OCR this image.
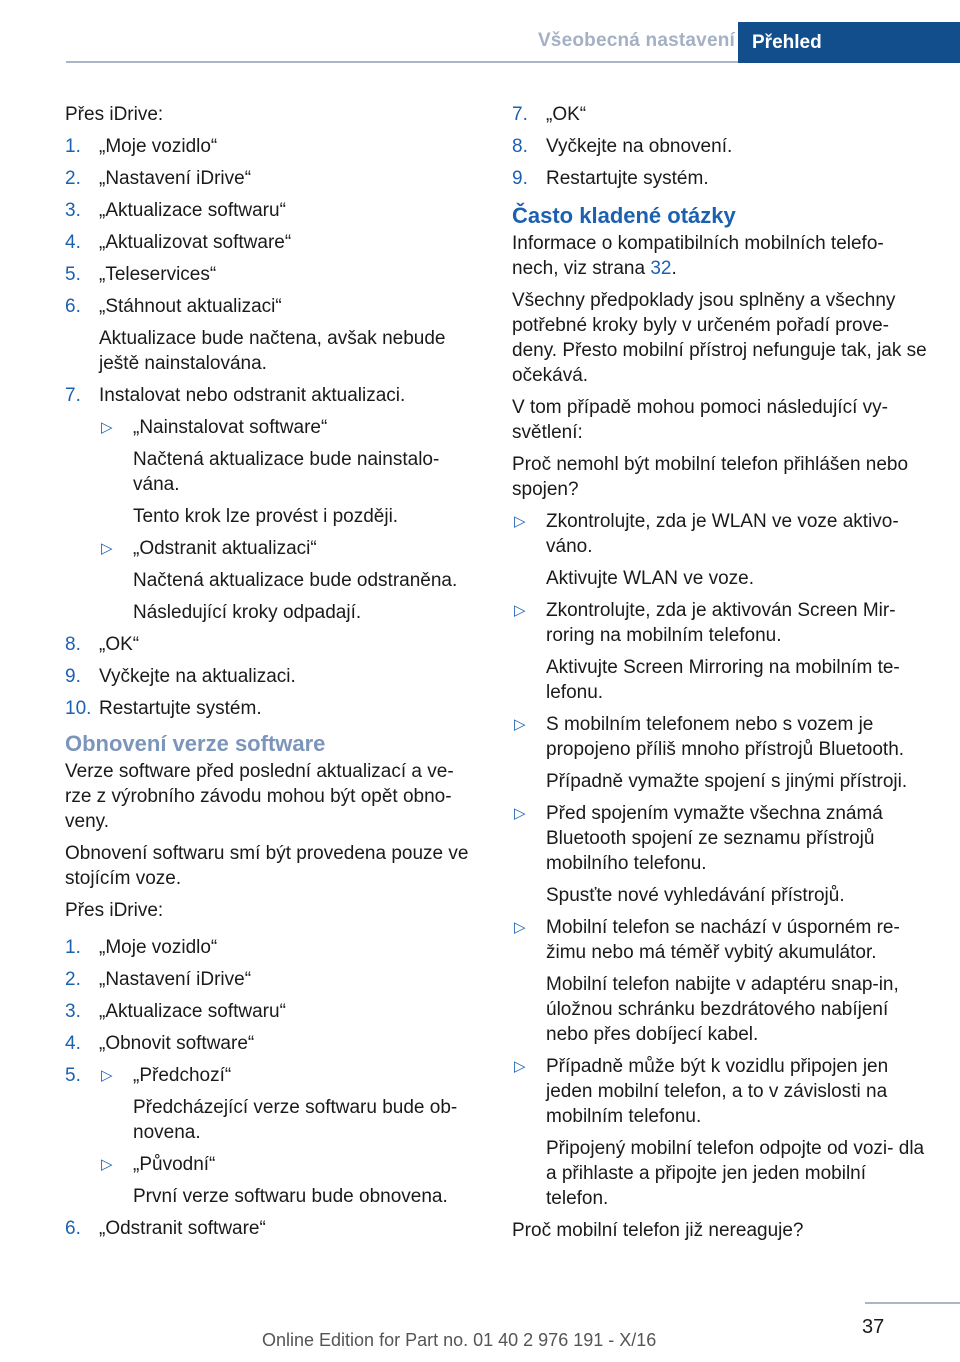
Všeobecná nastavení Přehled

Přes iDrive:

1. „Moje vozidlo“
2. „Nastavení iDrive“
3. „Aktualizace softwaru“
4. „Aktualizovat software“
5. „Teleservices“
6. „Stáhnout aktualizaci“
Aktualizace bude načtena, avšak nebude ještě nainstalována.
7. Instalovat nebo odstranit aktualizaci.
▷ „Nainstalovat software“
Načtená aktualizace bude nainstalo‐ vána.
Tento krok lze provést i později.
▷ „Odstranit aktualizaci“
Načtená aktualizace bude odstraněna.
Následující kroky odpadají.
8. „OK“
9. Vyčkejte na aktualizaci.
10. Restartujte systém.
Obnovení verze software

Verze software před poslední aktualizací a ve‐ rze z výrobního závodu mohou být opět obno‐ veny.

Obnovení softwaru smí být provedena pouze ve stojícím voze.

Přes iDrive:

1. „Moje vozidlo“
2. „Nastavení iDrive“
3. „Aktualizace softwaru“
4. „Obnovit software“
5. ▷ „Předchozí“
Předcházející verze softwaru bude ob‐ novena.
▷ „Původní“
První verze softwaru bude obnovena.
6. „Odstranit software“
7. „OK“
8. Vyčkejte na obnovení.
9. Restartujte systém.
Často kladené otázky

Informace o kompatibilních mobilních telefo‐ nech, viz strana 32.

Všechny předpoklady jsou splněny a všechny potřebné kroky byly v určeném pořadí prove‐ deny. Přesto mobilní přístroj nefunguje tak, jak se očekává.

V tom případě mohou pomoci následující vy‐ světlení:

Proč nemohl být mobilní telefon přihlášen nebo spojen?

▷ Zkontrolujte, zda je WLAN ve voze aktivo‐ váno.
Aktivujte WLAN ve voze.
▷ Zkontrolujte, zda je aktivován Screen Mir‐ roring na mobilním telefonu.
Aktivujte Screen Mirroring na mobilním te‐ lefonu.
▷ S mobilním telefonem nebo s vozem je propojeno příliš mnoho přístrojů Bluetooth.
Případně vymažte spojení s jinými přístroji.
▷ Před spojením vymažte všechna známá Bluetooth spojení ze seznamu přístrojů mobilního telefonu.
Spusťte nové vyhledávání přístrojů.
▷ Mobilní telefon se nachází v úsporném re‐ žimu nebo má téměř vybitý akumulátor.
Mobilní telefon nabijte v adaptéru snap-in, úložnou schránku bezdrátového nabíjení nebo přes dobíjecí kabel.
▷ Případně může být k vozidlu připojen jen jeden mobilní telefon, a to v závislosti na mobilním telefonu.
Připojený mobilní telefon odpojte od vozi‐ dla a přihlaste a připojte jen jeden mobilní telefon.

Proč mobilní telefon již nereaguje?

37
Online Edition for Part no. 01 40 2 976 191 - X/16
